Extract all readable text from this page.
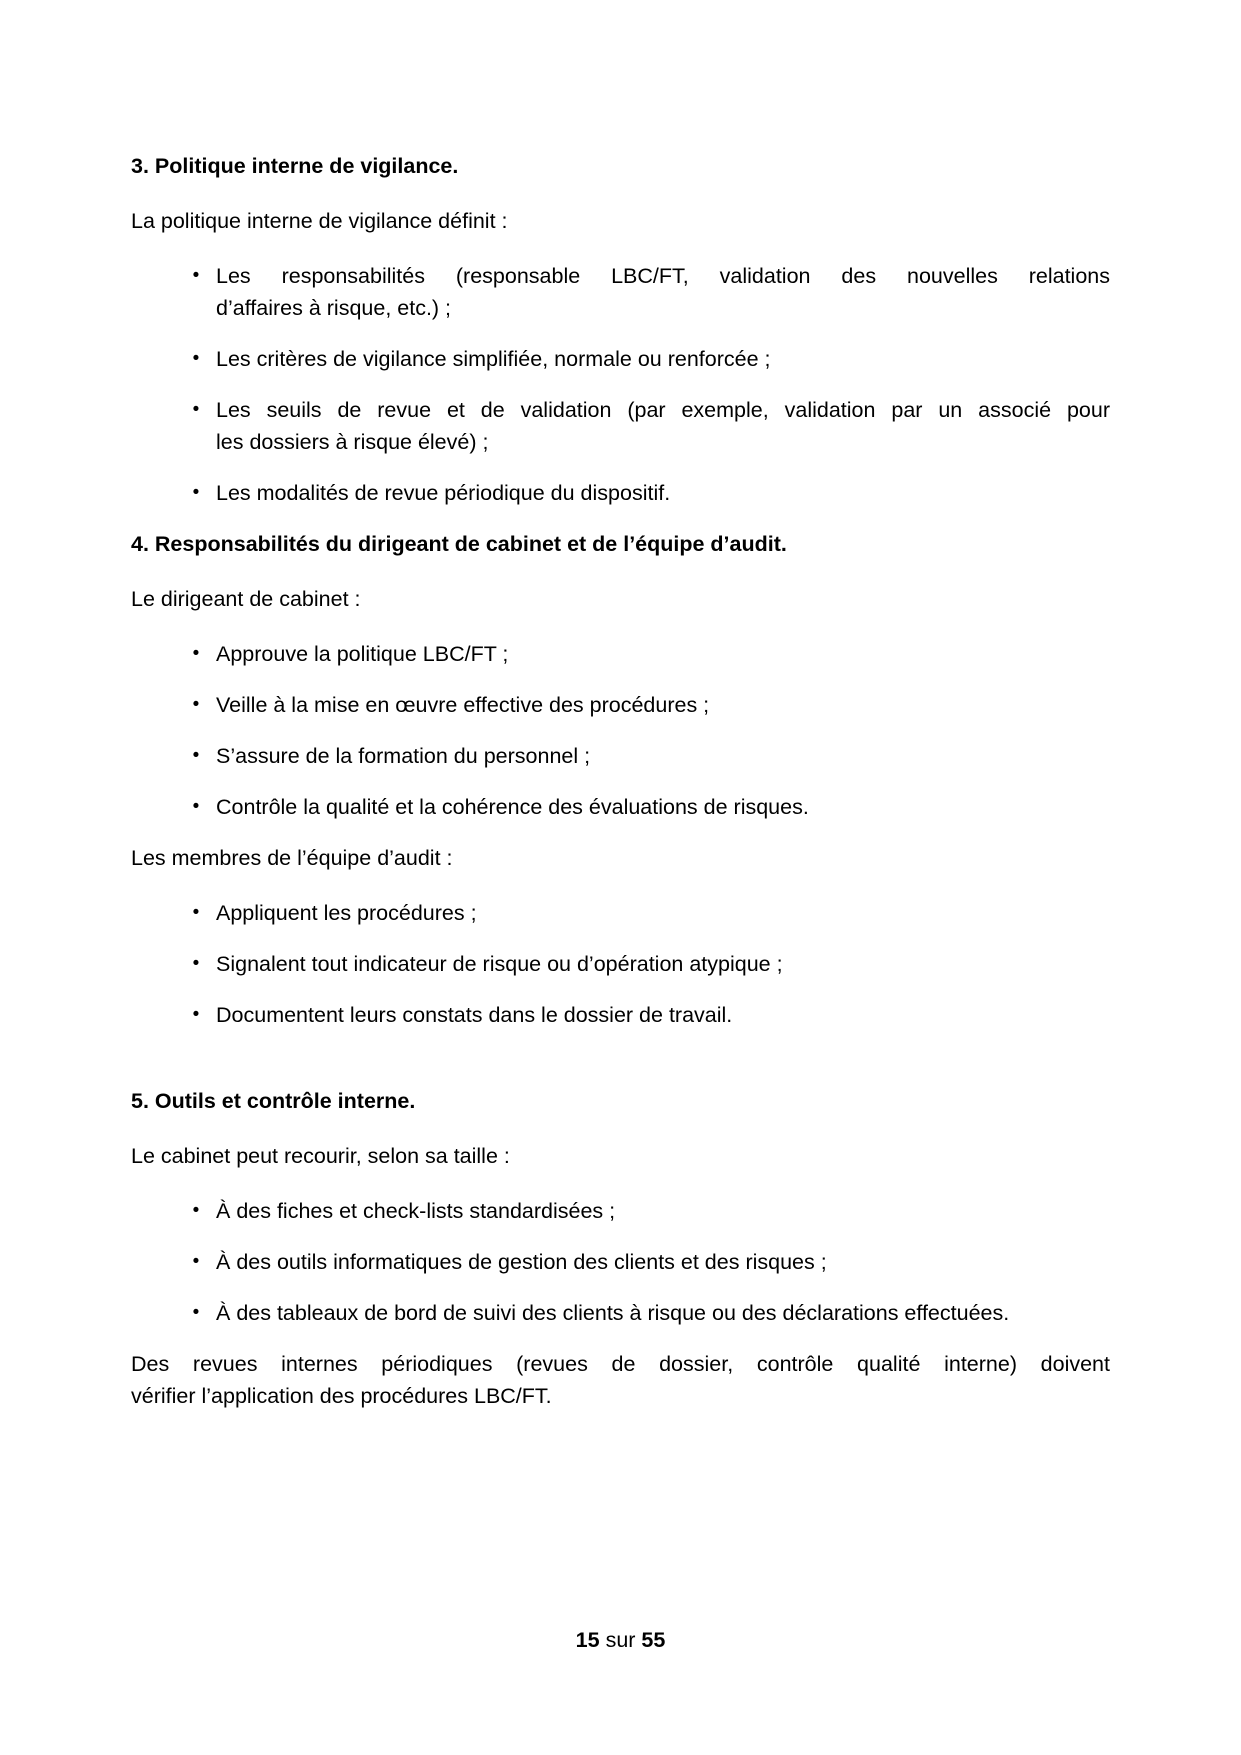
3. Politique interne de vigilance.

La politique interne de vigilance définit :

• Les responsabilités (responsable LBC/FT, validation des nouvelles relations
d’affaires à risque, etc.) ;
• Les critères de vigilance simplifiée, normale ou renforcée ;
• Les seuils de revue et de validation (par exemple, validation par un associé pour
les dossiers à risque élevé) ;
• Les modalités de revue périodique du dispositif.
4. Responsabilités du dirigeant de cabinet et de l’équipe d’audit.

Le dirigeant de cabinet :

• Approuve la politique LBC/FT ;
• Veille à la mise en œuvre effective des procédures ;
• S’assure de la formation du personnel ;
• Contrôle la qualité et la cohérence des évaluations de risques.

Les membres de l’équipe d’audit :

• Appliquent les procédures ;
• Signalent tout indicateur de risque ou d’opération atypique ;
• Documentent leurs constats dans le dossier de travail.
5. Outils et contrôle interne.

Le cabinet peut recourir, selon sa taille :

• À des fiches et check-lists standardisées ;
• À des outils informatiques de gestion des clients et des risques ;
• À des tableaux de bord de suivi des clients à risque ou des déclarations effectuées.

Des revues internes périodiques (revues de dossier, contrôle qualité interne) doivent
vérifier l’application des procédures LBC/FT.

15 sur 55
